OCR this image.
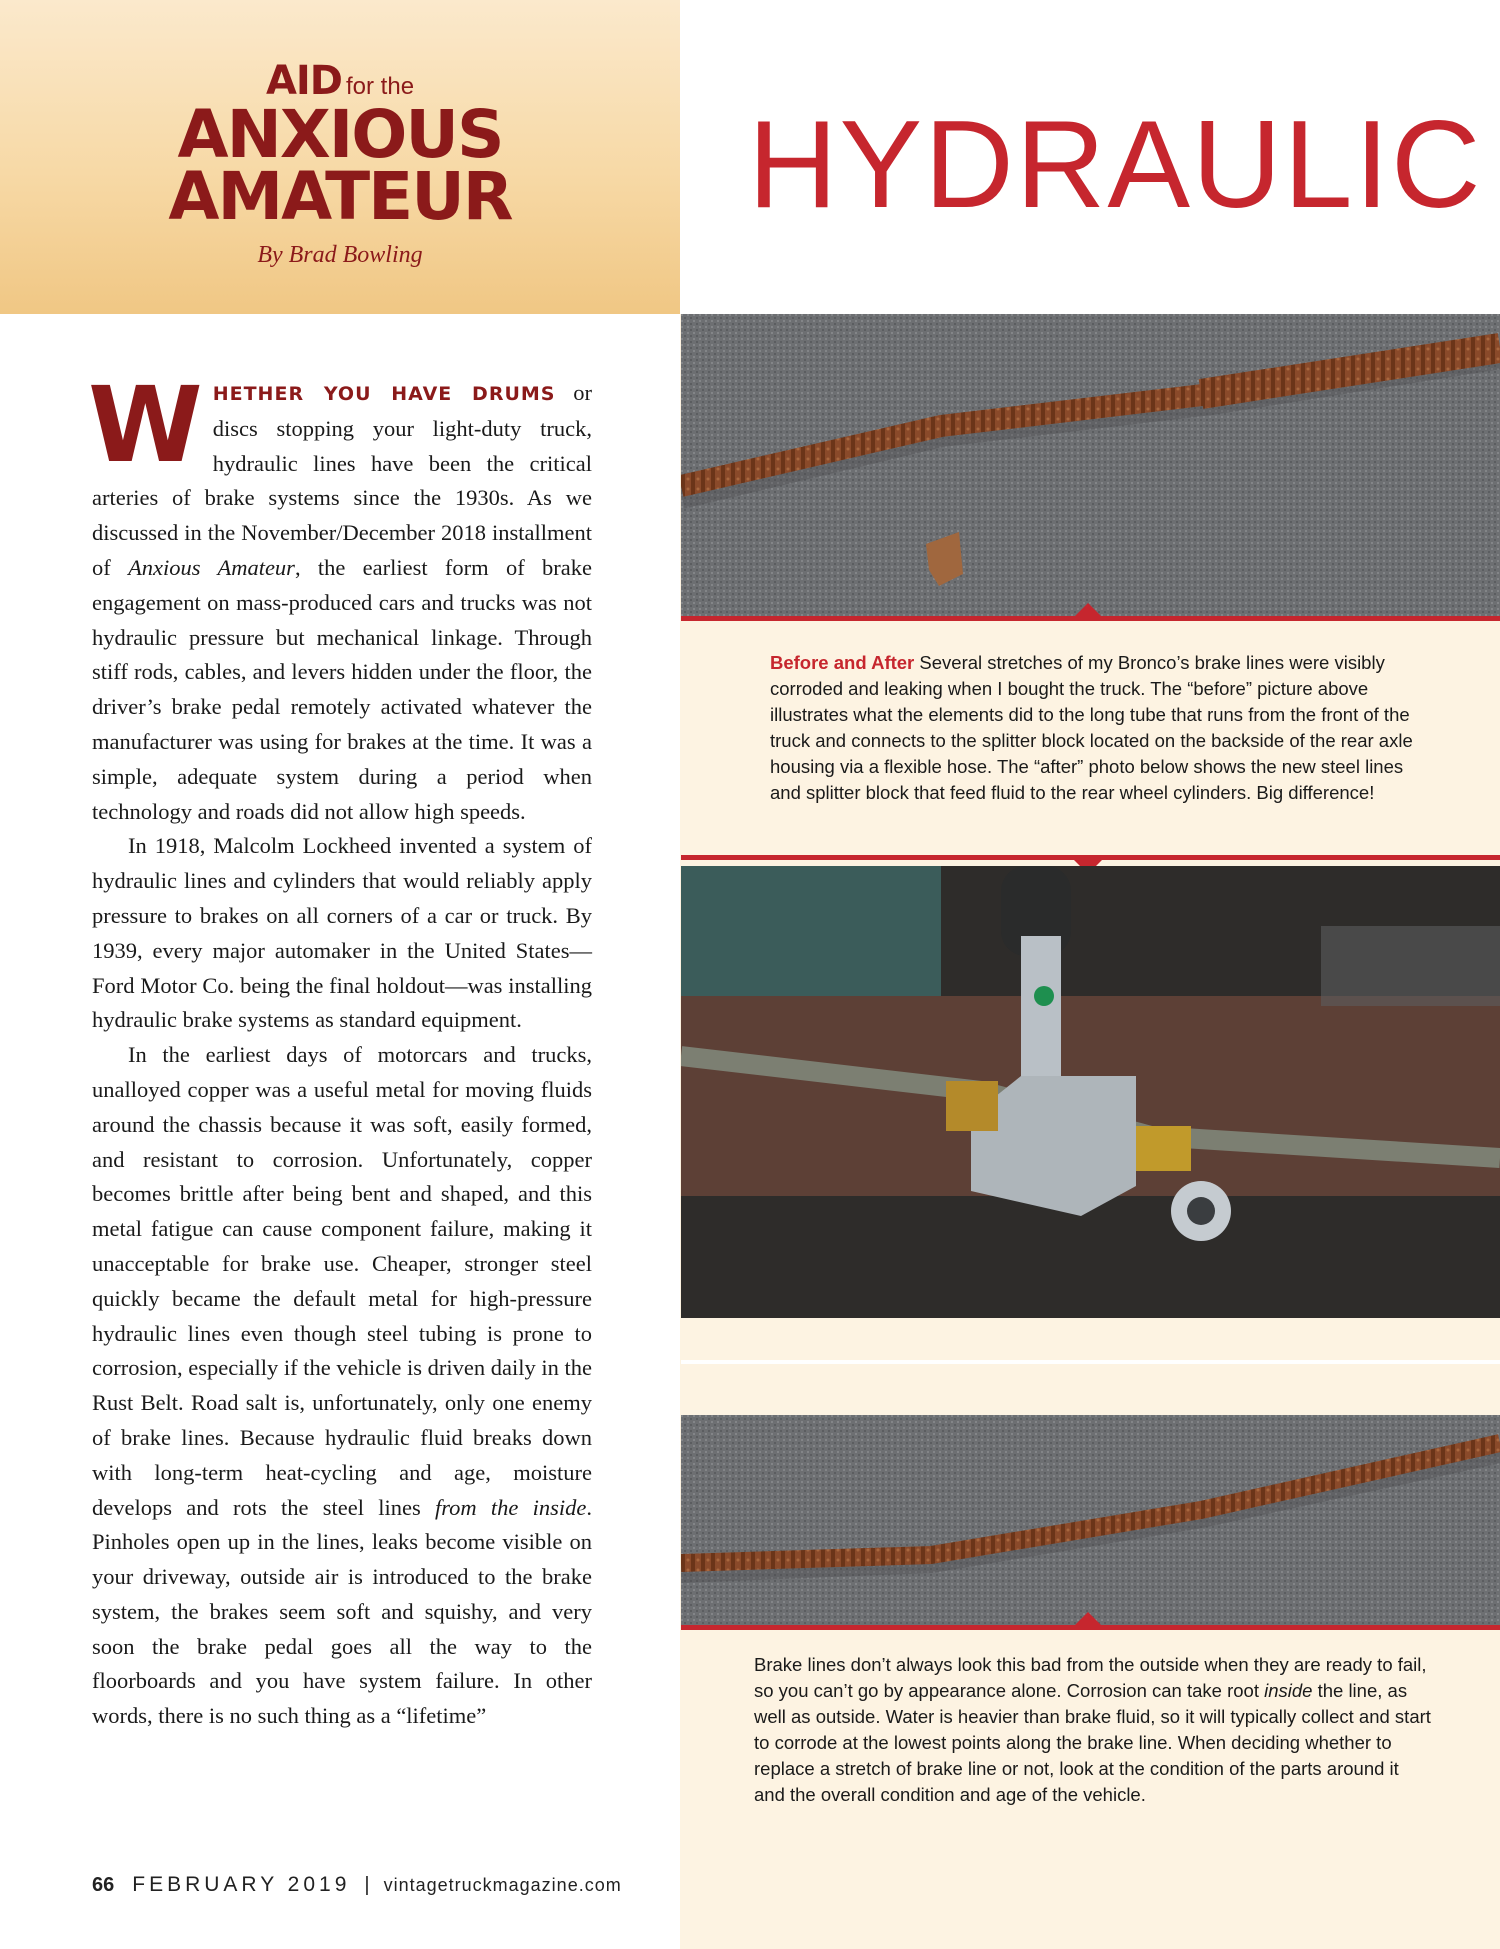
AID for the
ANXIOUS
AMATEUR
By Brad Bowling
HYDRAULIC
Before and After Several stretches of my Bronco’s brake lines were visibly corroded and leaking when I bought the truck. The “before” picture above illustrates what the elements did to the long tube that runs from the front of the truck and connects to the splitter block located on the backside of the rear axle housing via a flexible hose. The “after” photo below shows the new steel lines and splitter block that feed fluid to the rear wheel cylinders. Big difference!
Brake lines don’t always look this bad from the outside when they are ready to fail, so you can’t go by appearance alone. Corrosion can take root inside the line, as well as outside. Water is heavier than brake fluid, so it will typically collect and start to corrode at the lowest points along the brake line. When deciding whether to replace a stretch of brake line or not, look at the condition of the parts around it and the overall condition and age of the vehicle.

WHETHER YOU HAVE DRUMS or discs stopping your light-duty truck, hydraulic lines have been the critical arteries of brake systems since the 1930s. As we discussed in the November/December 2018 installment of Anxious Amateur, the earliest form of brake engagement on mass-produced cars and trucks was not hydraulic pressure but mechanical linkage. Through stiff rods, cables, and levers hidden under the floor, the driver’s brake pedal remotely activated whatever the manufacturer was using for brakes at the time. It was a simple, adequate system during a period when technology and roads did not allow high speeds.

In 1918, Malcolm Lockheed invented a system of hydraulic lines and cylinders that would reliably apply pressure to brakes on all corners of a car or truck. By 1939, every major automaker in the United States—Ford Motor Co. being the final holdout—was installing hydraulic brake systems as standard equipment.

In the earliest days of motorcars and trucks, unalloyed copper was a useful metal for moving fluids around the chassis because it was soft, easily formed, and resistant to corrosion. Unfortunately, copper becomes brittle after being bent and shaped, and this metal fatigue can cause component failure, making it unacceptable for brake use. Cheaper, stronger steel quickly became the default metal for high-pressure hydraulic lines even though steel tubing is prone to corrosion, especially if the vehicle is driven daily in the Rust Belt. Road salt is, unfortunately, only one enemy of brake lines. Because hydraulic fluid breaks down with long-term heat-cycling and age, moisture develops and rots the steel lines from the inside. Pinholes open up in the lines, leaks become visible on your driveway, outside air is introduced to the brake system, the brakes seem soft and squishy, and very soon the brake pedal goes all the way to the floorboards and you have system failure. In other words, there is no such thing as a “lifetime”

66 FEBRUARY 2019 | vintagetruckmagazine.com
